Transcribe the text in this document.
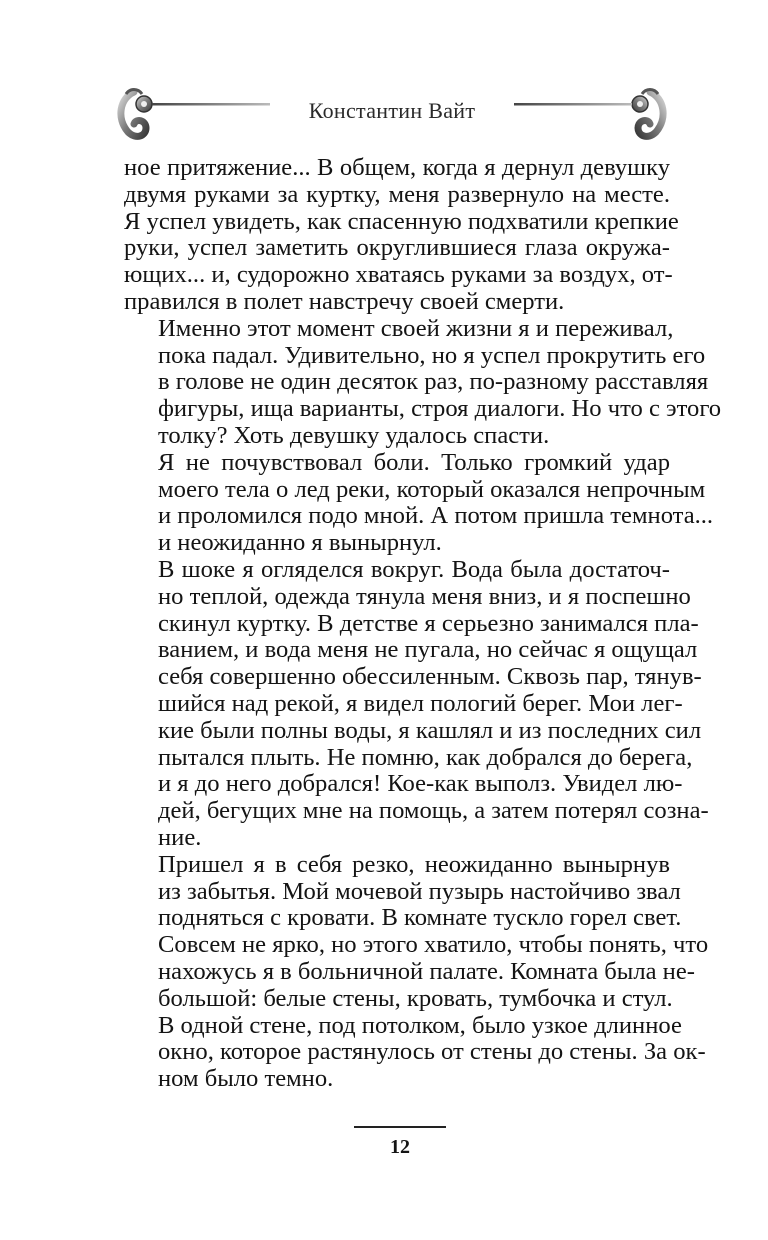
Константин Вайт

ное притяжение... В общем, когда я дернул девушку
двумя руками за куртку, меня развернуло на месте.
Я успел увидеть, как спасенную подхватили крепкие
руки, успел заметить округлившиеся глаза окружа-
ющих... и, судорожно хватаясь руками за воздух, от-
правился в полет навстречу своей смерти.

Именно этот момент своей жизни я и переживал,
пока падал. Удивительно, но я успел прокрутить его
в голове не один десяток раз, по-разному расставляя
фигуры, ища варианты, строя диалоги. Но что с этого
толку? Хоть девушку удалось спасти.

Я не почувствовал боли. Только громкий удар
моего тела о лед реки, который оказался непрочным
и проломился подо мной. А потом пришла темнота...
и неожиданно я вынырнул.

В шоке я огляделся вокруг. Вода была достаточ-
но теплой, одежда тянула меня вниз, и я поспешно
скинул куртку. В детстве я серьезно занимался пла-
ванием, и вода меня не пугала, но сейчас я ощущал
себя совершенно обессиленным. Сквозь пар, тянув-
шийся над рекой, я видел пологий берег. Мои лег-
кие были полны воды, я кашлял и из последних сил
пытался плыть. Не помню, как добрался до берега,
и я до него добрался! Кое-как выполз. Увидел лю-
дей, бегущих мне на помощь, а затем потерял созна-
ние.

Пришел я в себя резко, неожиданно вынырнув
из забытья. Мой мочевой пузырь настойчиво звал
подняться с кровати. В комнате тускло горел свет.
Совсем не ярко, но этого хватило, чтобы понять, что
нахожусь я в больничной палате. Комната была не-
большой: белые стены, кровать, тумбочка и стул.
В одной стене, под потолком, было узкое длинное
окно, которое растянулось от стены до стены. За ок-
ном было темно.

12
